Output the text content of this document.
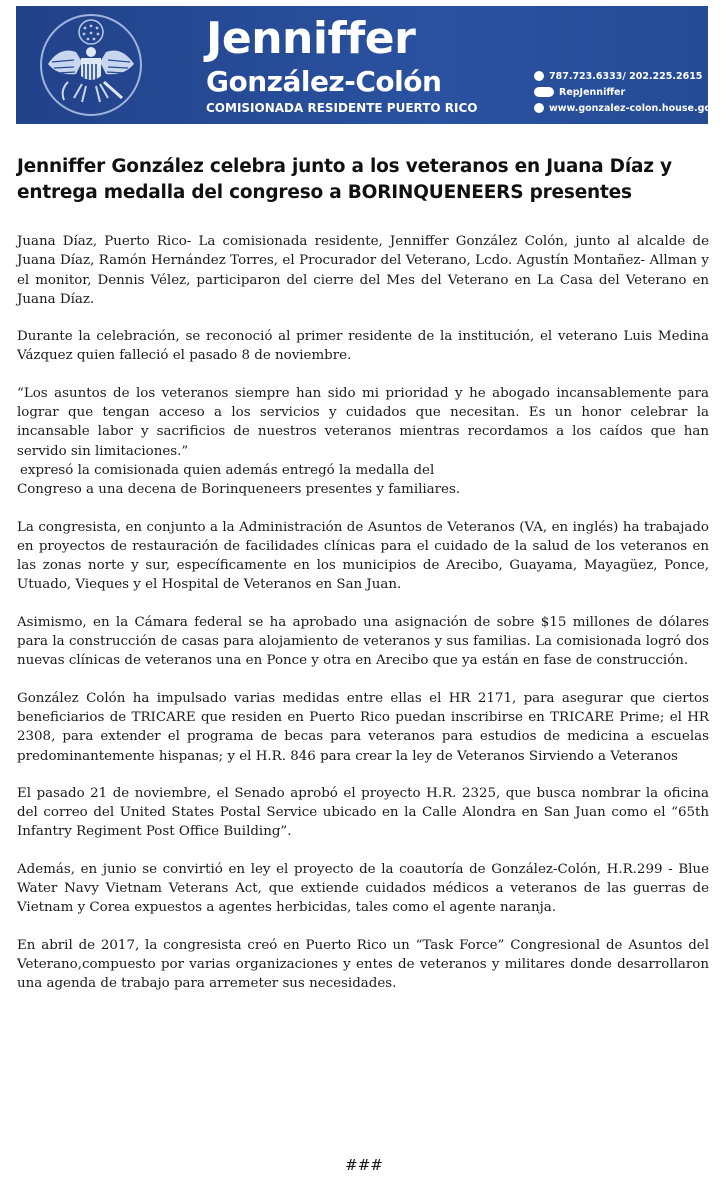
Jenniffer
González-Colón
COMISIONADA RESIDENTE PUERTO RICO
787.723.6333/ 202.225.2615
RepJenniffer
www.gonzalez-colon.house.gov
Jenniffer González celebra junto a los veteranos en Juana Díaz y entrega medalla del congreso a BORINQUENEERS presentes

Juana Díaz, Puerto Rico- La comisionada residente, Jenniffer González Colón, junto al alcalde de Juana Díaz, Ramón Hernández Torres, el Procurador del Veterano, Lcdo. Agustín Montañez- Allman y el monitor, Dennis Vélez, participaron del cierre del Mes del Veterano en La Casa del Veterano en Juana Díaz.

Durante la celebración, se reconoció al primer residente de la institución, el veterano Luis Medina Vázquez quien falleció el pasado 8 de noviembre.

“Los asuntos de los veteranos siempre han sido mi prioridad y he abogado incansablemente para lograr que tengan acceso a los servicios y cuidados que necesitan. Es un honor celebrar la incansable labor y sacrificios de nuestros veteranos mientras recordamos a los caídos que han servido sin limitaciones.”

expresó la comisionada quien además entregó la medalla del

Congreso a una decena de Borinqueneers presentes y familiares.

La congresista, en conjunto a la Administración de Asuntos de Veteranos (VA, en inglés) ha trabajado en proyectos de restauración de facilidades clínicas para el cuidado de la salud de los veteranos en las zonas norte y sur, específicamente en los municipios de Arecibo, Guayama, Mayagüez, Ponce, Utuado, Vieques y el Hospital de Veteranos en San Juan.

Asimismo, en la Cámara federal se ha aprobado una asignación de sobre $15 millones de dólares para la construcción de casas para alojamiento de veteranos y sus familias. La comisionada logró dos nuevas clínicas de veteranos una en Ponce y otra en Arecibo que ya están en fase de construcción.

González Colón ha impulsado varias medidas entre ellas el HR 2171, para asegurar que ciertos beneficiarios de TRICARE que residen en Puerto Rico puedan inscribirse en TRICARE Prime; el HR 2308, para extender el programa de becas para veteranos para estudios de medicina a escuelas predominantemente hispanas; y el H.R. 846 para crear la ley de Veteranos Sirviendo a Veteranos

El pasado 21 de noviembre, el Senado aprobó el proyecto H.R. 2325, que busca nombrar la oficina del correo del United States Postal Service ubicado en la Calle Alondra en San Juan como el “65th Infantry Regiment Post Office Building”.

Además, en junio se convirtió en ley el proyecto de la coautoría de González-Colón, H.R.299 - Blue Water Navy Vietnam Veterans Act, que extiende cuidados médicos a veteranos de las guerras de Vietnam y Corea expuestos a agentes herbicidas, tales como el agente naranja.

En abril de 2017, la congresista creó en Puerto Rico un “Task Force” Congresional de Asuntos del Veterano,compuesto por varias organizaciones y entes de veteranos y militares donde desarrollaron una agenda de trabajo para arremeter sus necesidades.

###
